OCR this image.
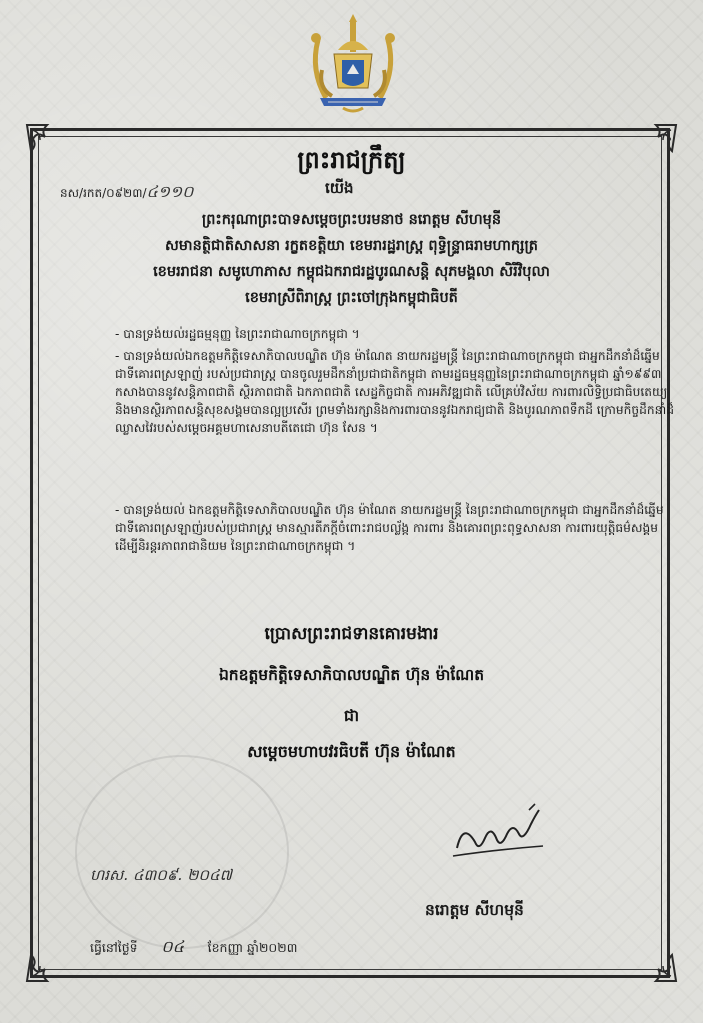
ព្រះរាជក្រឹត្យ
នស/រកត/០៩២៣/៤១១០	យើង
ព្រះករុណាព្រះបាទសម្តេចព្រះបរមនាថ នរោត្តម សីហមុនី
សមានត្ថិជាតិសាសនា រក្ខតខត្តិយា ខេមរារដ្ឋរាស្ត្រ ពុទ្ធិន្ទ្រាធរាមហាក្សត្រ
ខេមររាជនា សមូហោភាស កម្ពុជឯករាជរដ្ឋបូរណសន្តិ សុភមង្គលា សិរីវិបុលា
ខេមរាស្រីពិរាស្ត្រ ព្រះចៅក្រុងកម្ពុជាធិបតី
- បានទ្រង់យល់រដ្ឋធម្មនុញ្ញ នៃព្រះរាជាណាចក្រកម្ពុជា ។
- បានទ្រង់យល់ឯកឧត្តមកិត្តិទេសាភិបាលបណ្ឌិត ហ៊ុន ម៉ាណែត នាយករដ្ឋមន្ត្រី នៃព្រះរាជាណាចក្រកម្ពុជា ជាអ្នកដឹកនាំដ៏ឆ្នើម ជាទីគោរពស្រឡាញ់ របស់ប្រជារាស្ត្រ បានចូលរួមដឹកនាំប្រជាជាតិកម្ពុជា តាមរដ្ឋធម្មនុញ្ញនៃព្រះរាជាណាចក្រកម្ពុជា ឆ្នាំ១៩៩៣ កសាងបាននូវសន្តិភាពជាតិ ស្ថិរភាពជាតិ ឯកភាពជាតិ សេដ្ឋកិច្ចជាតិ ការអភិវឌ្ឍជាតិ លើគ្រប់វិស័យ ការពារលិទ្ធិប្រជាធិបតេយ្យ និងមានស្ថិរភាពសន្តិសុខសង្គមបានល្អប្រសើរ ព្រមទាំងរក្សានិងការពារបាននូវឯករាជ្យជាតិ និងបូរណភាពទឹកដី ក្រោមកិច្ចដឹកនាំដ៏ឈ្លាសវៃរបស់សម្តេចអគ្គមហាសេនាបតីតេជោ ហ៊ុន សែន ។
- បានទ្រង់យល់ ឯកឧត្តមកិត្តិទេសាភិបាលបណ្ឌិត ហ៊ុន ម៉ាណែត នាយករដ្ឋមន្ត្រី នៃព្រះរាជាណាចក្រកម្ពុជា ជាអ្នកដឹកនាំដ៏ឆ្នើម ជាទីគោរពស្រឡាញ់របស់ប្រជារាស្ត្រ មានស្មារតីភក្តីចំពោះរាជបល្ល័ង្ក ការពារ និងគោរពព្រះពុទ្ធសាសនា ការពារយុត្តិធម៌សង្គម ដើម្បីនិរន្តរភាពរាជានិយម នៃព្រះរាជាណាចក្រកម្ពុជា ។
ប្រោសព្រះរាជទានគោរមងារ
ឯកឧត្តមកិត្តិទេសាភិបាលបណ្ឌិត ហ៊ុន ម៉ាណែត
ជា
សម្តេចមហាបវរធិបតី ហ៊ុន ម៉ាណែត
ហរស. ៤៣០៩. ២០៤៧
នរោត្តម សីហមុនី
ធ្វើនៅថ្ងៃទី	០៤	ខែកញ្ញា ឆ្នាំ២០២៣
